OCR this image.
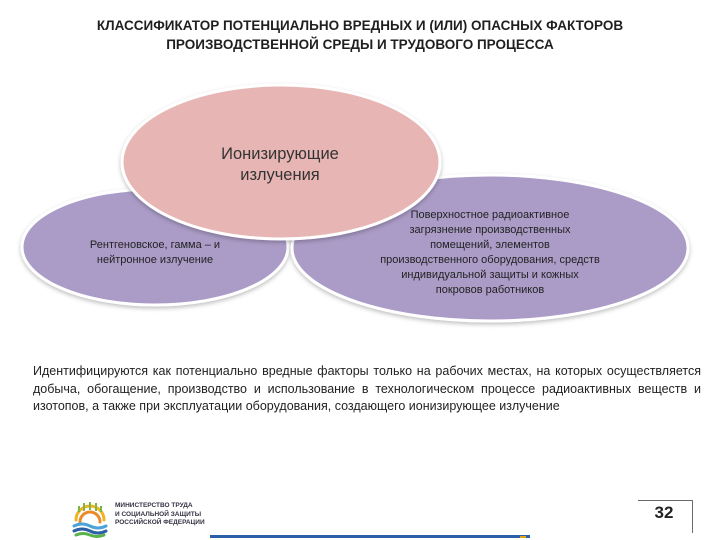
КЛАССИФИКАТОР ПОТЕНЦИАЛЬНО ВРЕДНЫХ И (ИЛИ) ОПАСНЫХ ФАКТОРОВ
ПРОИЗВОДСТВЕННОЙ СРЕДЫ И ТРУДОВОГО ПРОЦЕССА
Ионизирующие
излучения
Рентгеновское, гамма – и
нейтронное излучение
Поверхностное радиоактивное
загрязнение производственных
помещений, элементов
производственного оборудования, средств
индивидуальной защиты и кожных
покровов работников
Идентифицируются как потенциально вредные факторы только на рабочих местах, на которых осуществляется добыча, обогащение, производство и использование в технологическом процессе радиоактивных веществ и изотопов, а также при эксплуатации оборудования, создающего ионизирующее излучение
МИНИСТЕРСТВО ТРУДА
И СОЦИАЛЬНОЙ ЗАЩИТЫ
РОССИЙСКОЙ ФЕДЕРАЦИИ
32
